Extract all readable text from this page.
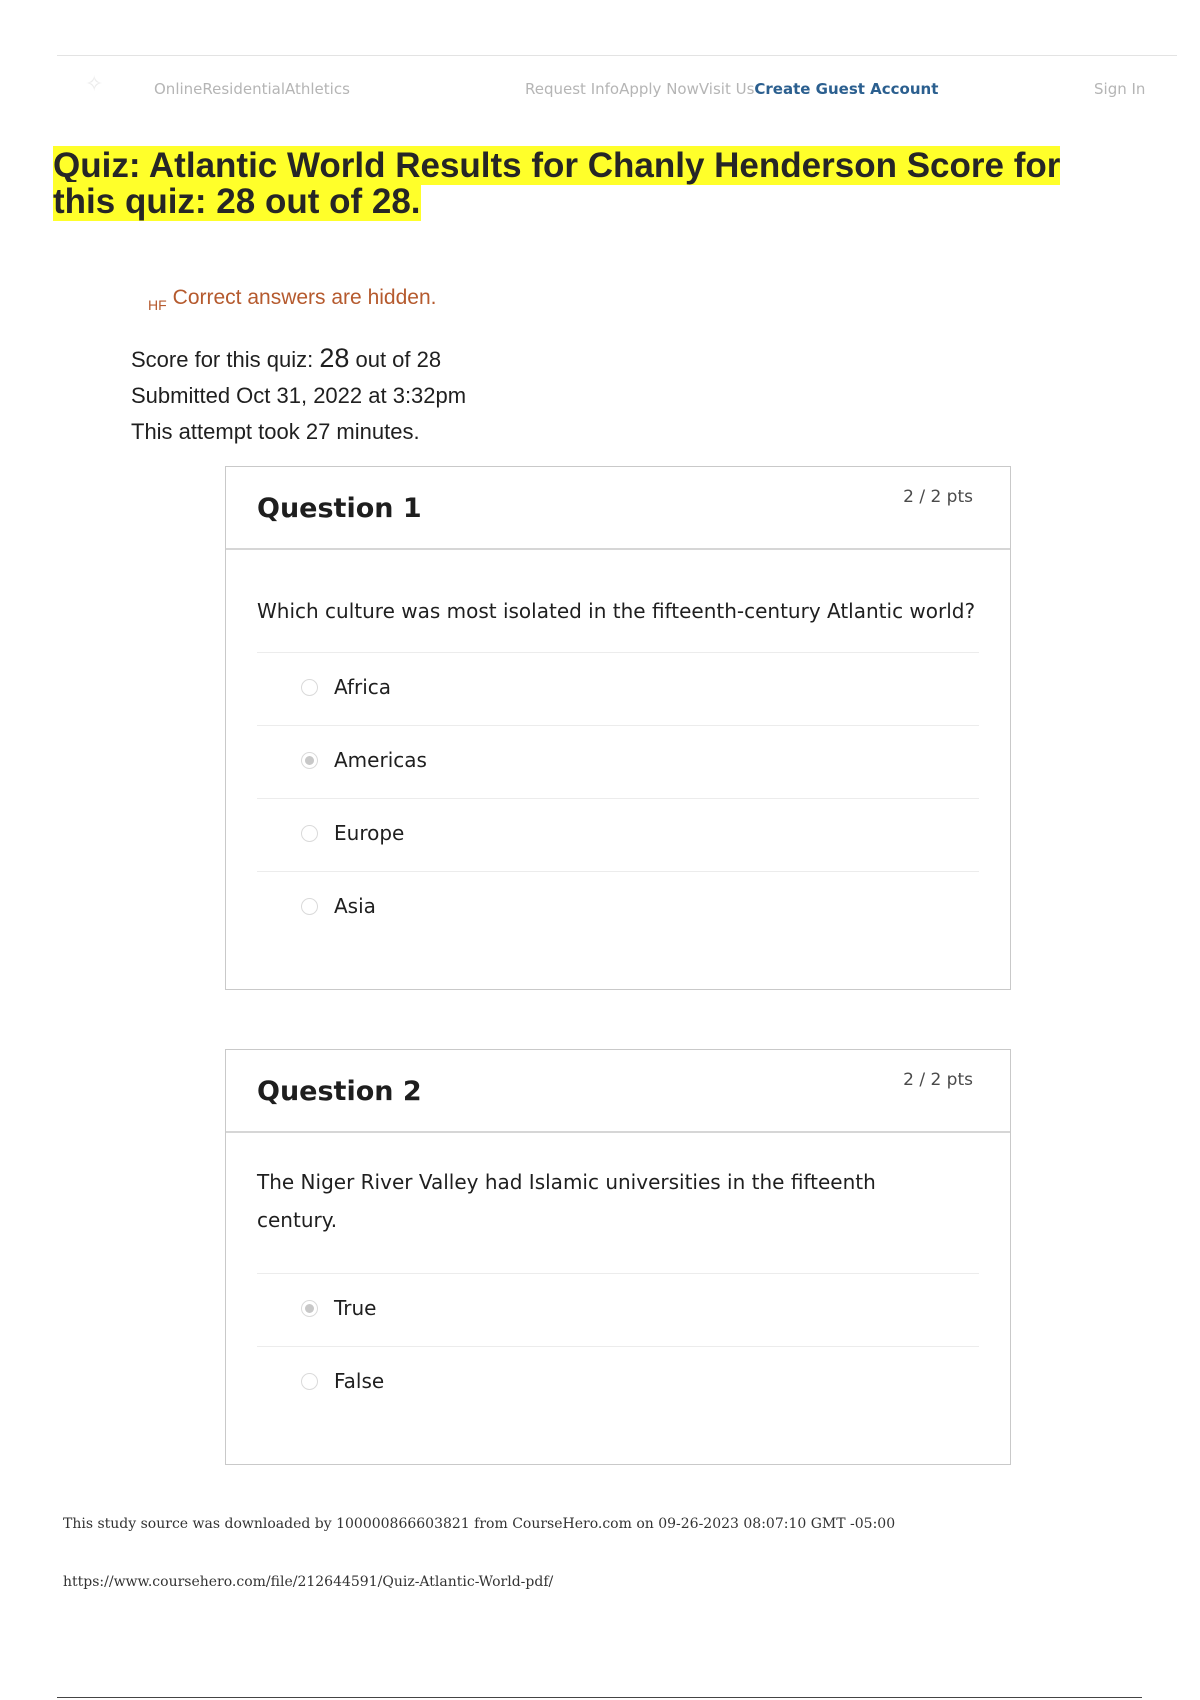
✧	OnlineResidentialAthletics	Request InfoApply NowVisit UsCreate Guest Account	Sign In
Quiz: Atlantic World Results for Chanly Henderson Score for this quiz: 28 out of 28.
$_{HF}$ Correct answers are hidden.
Score for this quiz: 28 out of 28
Submitted Oct 31, 2022 at 3:32pm
This attempt took 27 minutes.
Question 1	2 / 2 pts
Which culture was most isolated in the fifteenth-century Atlantic world?
Africa
Americas
Europe
Asia
Question 2	2 / 2 pts
The Niger River Valley had Islamic universities in the fifteenth century.
True
False
This study source was downloaded by 100000866603821 from CourseHero.com on 09-26-2023 08:07:10 GMT -05:00
https://www.coursehero.com/file/212644591/Quiz-Atlantic-World-pdf/
